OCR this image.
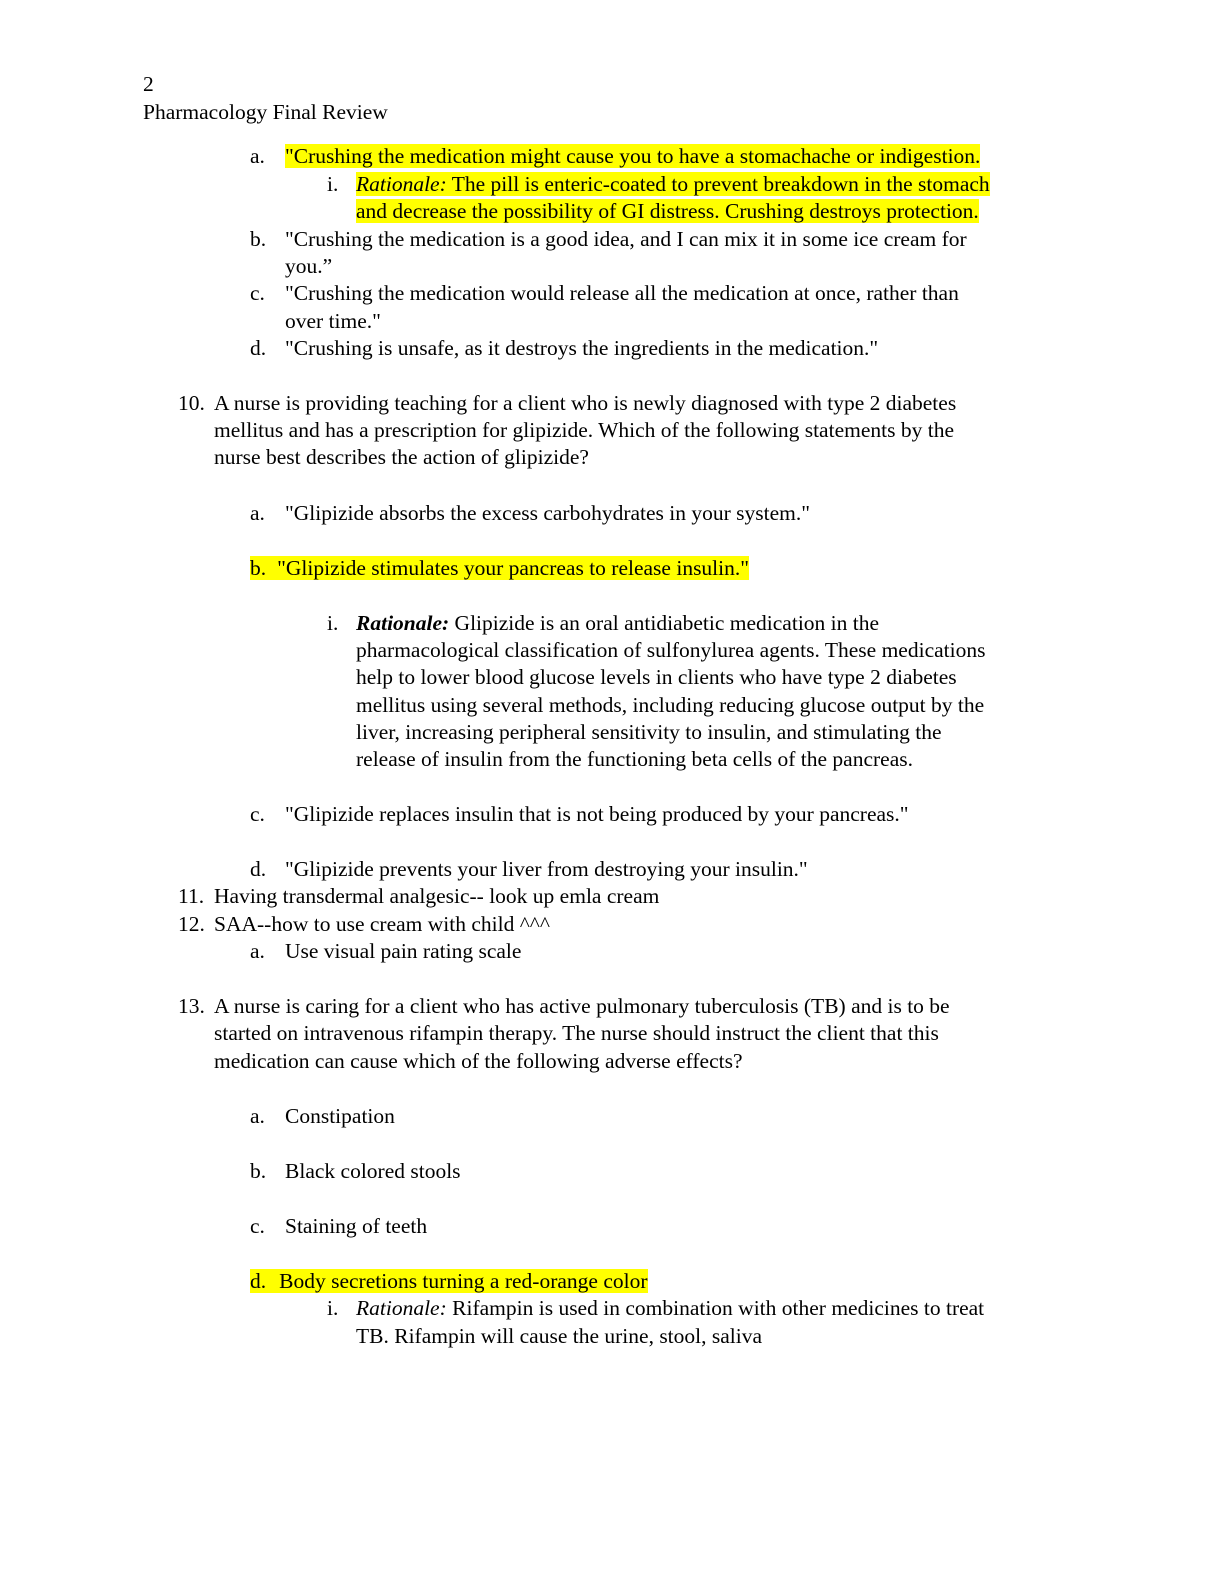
2
Pharmacology Final Review
a. "Crushing the medication might cause you to have a stomachache or indigestion.
i. Rationale: The pill is enteric-coated to prevent breakdown in the stomach
and decrease the possibility of GI distress. Crushing destroys protection.
b. "Crushing the medication is a good idea, and I can mix it in some ice cream for
you.”
c. "Crushing the medication would release all the medication at once, rather than
over time."
d. "Crushing is unsafe, as it destroys the ingredients in the medication."
10. A nurse is providing teaching for a client who is newly diagnosed with type 2 diabetes
mellitus and has a prescription for glipizide. Which of the following statements by the
nurse best describes the action of glipizide?
a. "Glipizide absorbs the excess carbohydrates in your system."
b. "Glipizide stimulates your pancreas to release insulin."
i. Rationale: Glipizide is an oral antidiabetic medication in the
pharmacological classification of sulfonylurea agents. These medications
help to lower blood glucose levels in clients who have type 2 diabetes
mellitus using several methods, including reducing glucose output by the
liver, increasing peripheral sensitivity to insulin, and stimulating the
release of insulin from the functioning beta cells of the pancreas.
c. "Glipizide replaces insulin that is not being produced by your pancreas."
d. "Glipizide prevents your liver from destroying your insulin."
11. Having transdermal analgesic-- look up emla cream
12. SAA--how to use cream with child ^^^
a. Use visual pain rating scale
13. A nurse is caring for a client who has active pulmonary tuberculosis (TB) and is to be
started on intravenous rifampin therapy. The nurse should instruct the client that this
medication can cause which of the following adverse effects?
a. Constipation
b. Black colored stools
c. Staining of teeth
d. Body secretions turning a red-orange color
i. Rationale: Rifampin is used in combination with other medicines to treat
TB. Rifampin will cause the urine, stool, saliva
